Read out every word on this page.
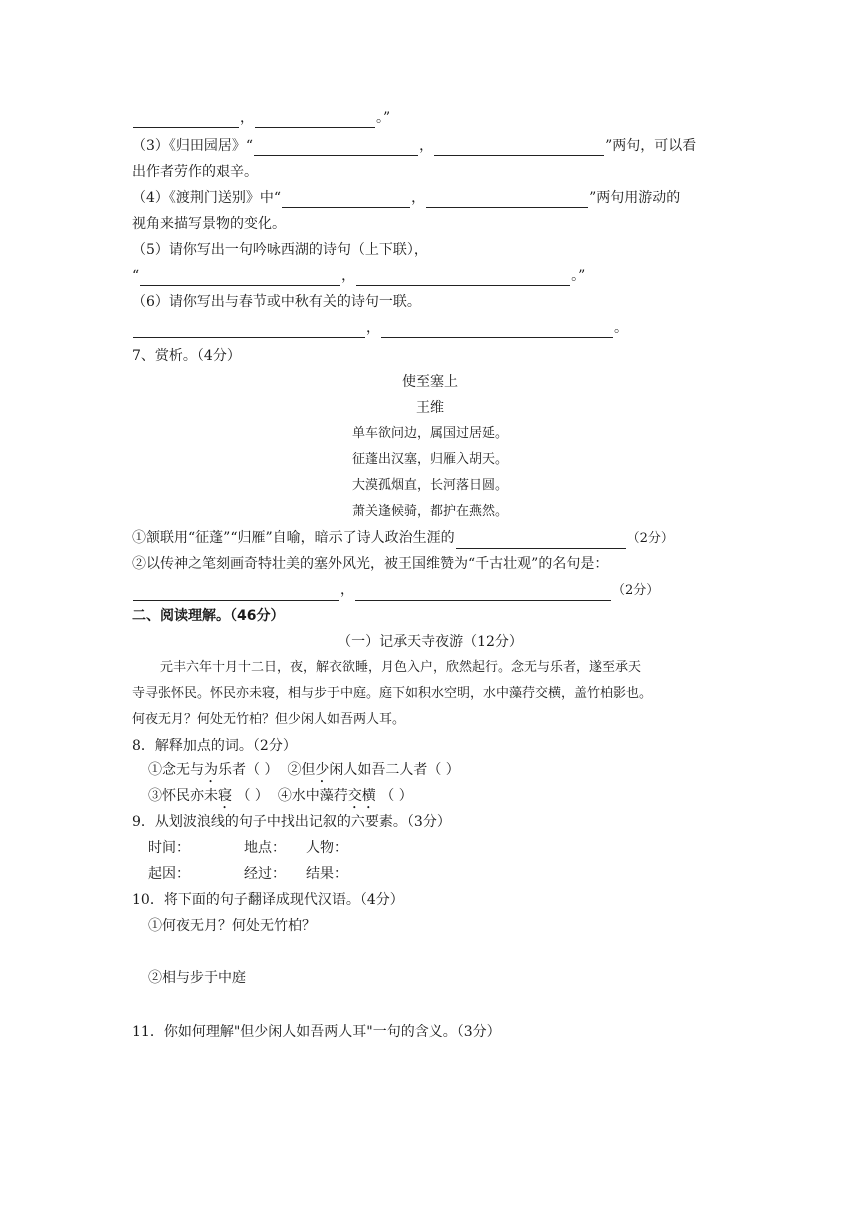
，	。”
（3）《归田园居》“	，	”两句，可以看
出作者劳作的艰辛。
（4）《渡荆门送别》中“	，	”两句用游动的
视角来描写景物的变化。
（5）请你写出一句吟咏西湖的诗句（上下联），
“	，	。”
（6）请你写出与春节或中秋有关的诗句一联。
，	。
7、赏析。（4分）
使至塞上
王维
单车欲问边，属国过居延。
征蓬出汉塞，归雁入胡天。
大漠孤烟直，长河落日圆。
萧关逢候骑，都护在燕然。
①颔联用“征蓬”“归雁”自喻，暗示了诗人政治生涯的	（2分）
②以传神之笔刻画奇特壮美的塞外风光，被王国维赞为“千古壮观”的名句是：
，	（2分）
二、阅读理解。（46分）
（一）记承天寺夜游（12分）
元丰六年十月十二日，夜，解衣欲睡，月色入户，欣然起行。念无与乐者，遂至承天
寺寻张怀民。怀民亦未寝，相与步于中庭。庭下如积水空明，水中藻荇交横，盖竹柏影也。
何夜无月？何处无竹柏？但少闲人如吾两人耳。
8．解释加点的词。（2分）
①念无与为乐者（ ） ②但少闲人如吾二人者（ ）
③怀民亦未寝 （ ） ④水中藻荇交横 （ ）
9．从划波浪线的句子中找出记叙的六要素。（3分）
时间：	地点： 人物：
起因：	经过： 结果：
10．将下面的句子翻译成现代汉语。（4分）
①何夜无月？何处无竹柏？
②相与步于中庭
11．你如何理解"但少闲人如吾两人耳"一句的含义。（3分）
